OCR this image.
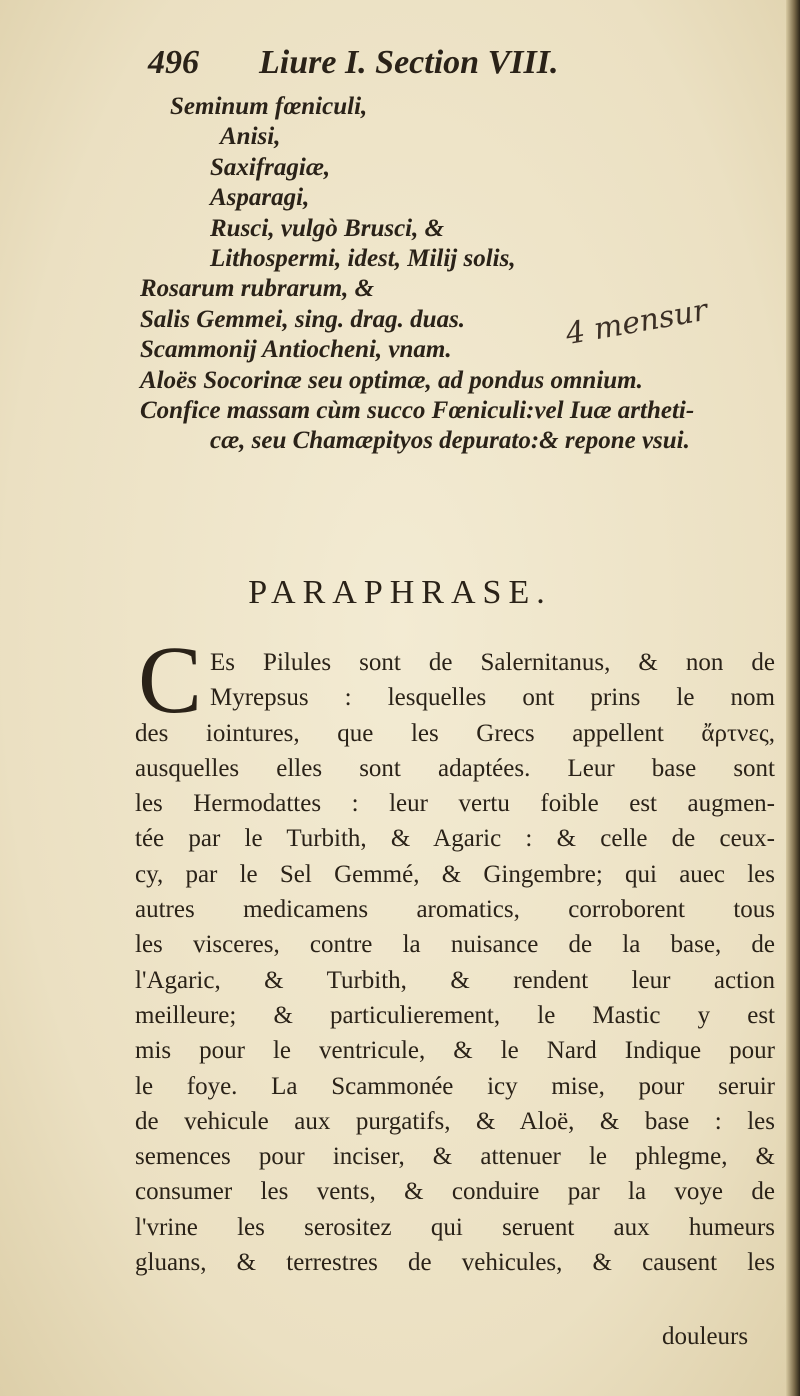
496 Liure I. Section VIII.
Seminum fœniculi,
Anisi,
Saxifragiæ,
Asparagi,
Rusci, vulgò Brusci, &
Lithospermi, idest, Milij solis,
Rosarum rubrarum, &
Salis Gemmei, sing. drag. duas.
Scammonij Antiocheni, vnam.
Aloës Socorinæ seu optimæ, ad pondus omnium.
Confice massam cùm succo Fœniculi:vel Iuæ artheti-
cæ, seu Chamæpityos depurato:& repone vsui.
4 mensur
PARAPHRASE.
C Es Pilules sont de Salernitanus, & non de
Myrepsus : lesquelles ont prins le nom
des iointures, que les Grecs appellent ἄρτνες,
ausquelles elles sont adaptées. Leur base sont
les Hermodattes : leur vertu foible est augmen-
tée par le Turbith, & Agaric : & celle de ceux-
cy, par le Sel Gemmé, & Gingembre; qui auec les
autres medicamens aromatics, corroborent tous
les visceres, contre la nuisance de la base, de
l'Agaric, & Turbith, & rendent leur action
meilleure; & particulierement, le Mastic y est
mis pour le ventricule, & le Nard Indique pour
le foye. La Scammonée icy mise, pour seruir
de vehicule aux purgatifs, & Aloë, & base : les
semences pour inciser, & attenuer le phlegme, &
consumer les vents, & conduire par la voye de
l'vrine les serositez qui seruent aux humeurs
gluans, & terrestres de vehicules, & causent les
douleurs
